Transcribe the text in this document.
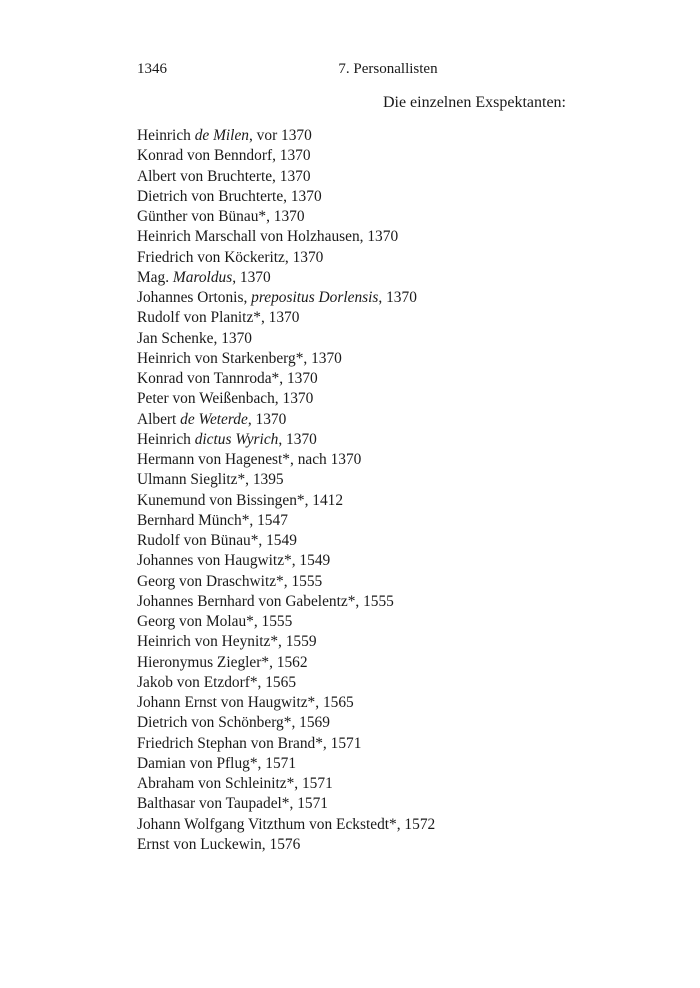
1346	7. Personallisten
Die einzelnen Exspektanten:
Heinrich de Milen, vor 1370
Konrad von Benndorf, 1370
Albert von Bruchterte, 1370
Dietrich von Bruchterte, 1370
Günther von Bünau*, 1370
Heinrich Marschall von Holzhausen, 1370
Friedrich von Köckeritz, 1370
Mag. Maroldus, 1370
Johannes Ortonis, prepositus Dorlensis, 1370
Rudolf von Planitz*, 1370
Jan Schenke, 1370
Heinrich von Starkenberg*, 1370
Konrad von Tannroda*, 1370
Peter von Weißenbach, 1370
Albert de Weterde, 1370
Heinrich dictus Wyrich, 1370
Hermann von Hagenest*, nach 1370
Ulmann Sieglitz*, 1395
Kunemund von Bissingen*, 1412
Bernhard Münch*, 1547
Rudolf von Bünau*, 1549
Johannes von Haugwitz*, 1549
Georg von Draschwitz*, 1555
Johannes Bernhard von Gabelentz*, 1555
Georg von Molau*, 1555
Heinrich von Heynitz*, 1559
Hieronymus Ziegler*, 1562
Jakob von Etzdorf*, 1565
Johann Ernst von Haugwitz*, 1565
Dietrich von Schönberg*, 1569
Friedrich Stephan von Brand*, 1571
Damian von Pflug*, 1571
Abraham von Schleinitz*, 1571
Balthasar von Taupadel*, 1571
Johann Wolfgang Vitzthum von Eckstedt*, 1572
Ernst von Luckewin, 1576
